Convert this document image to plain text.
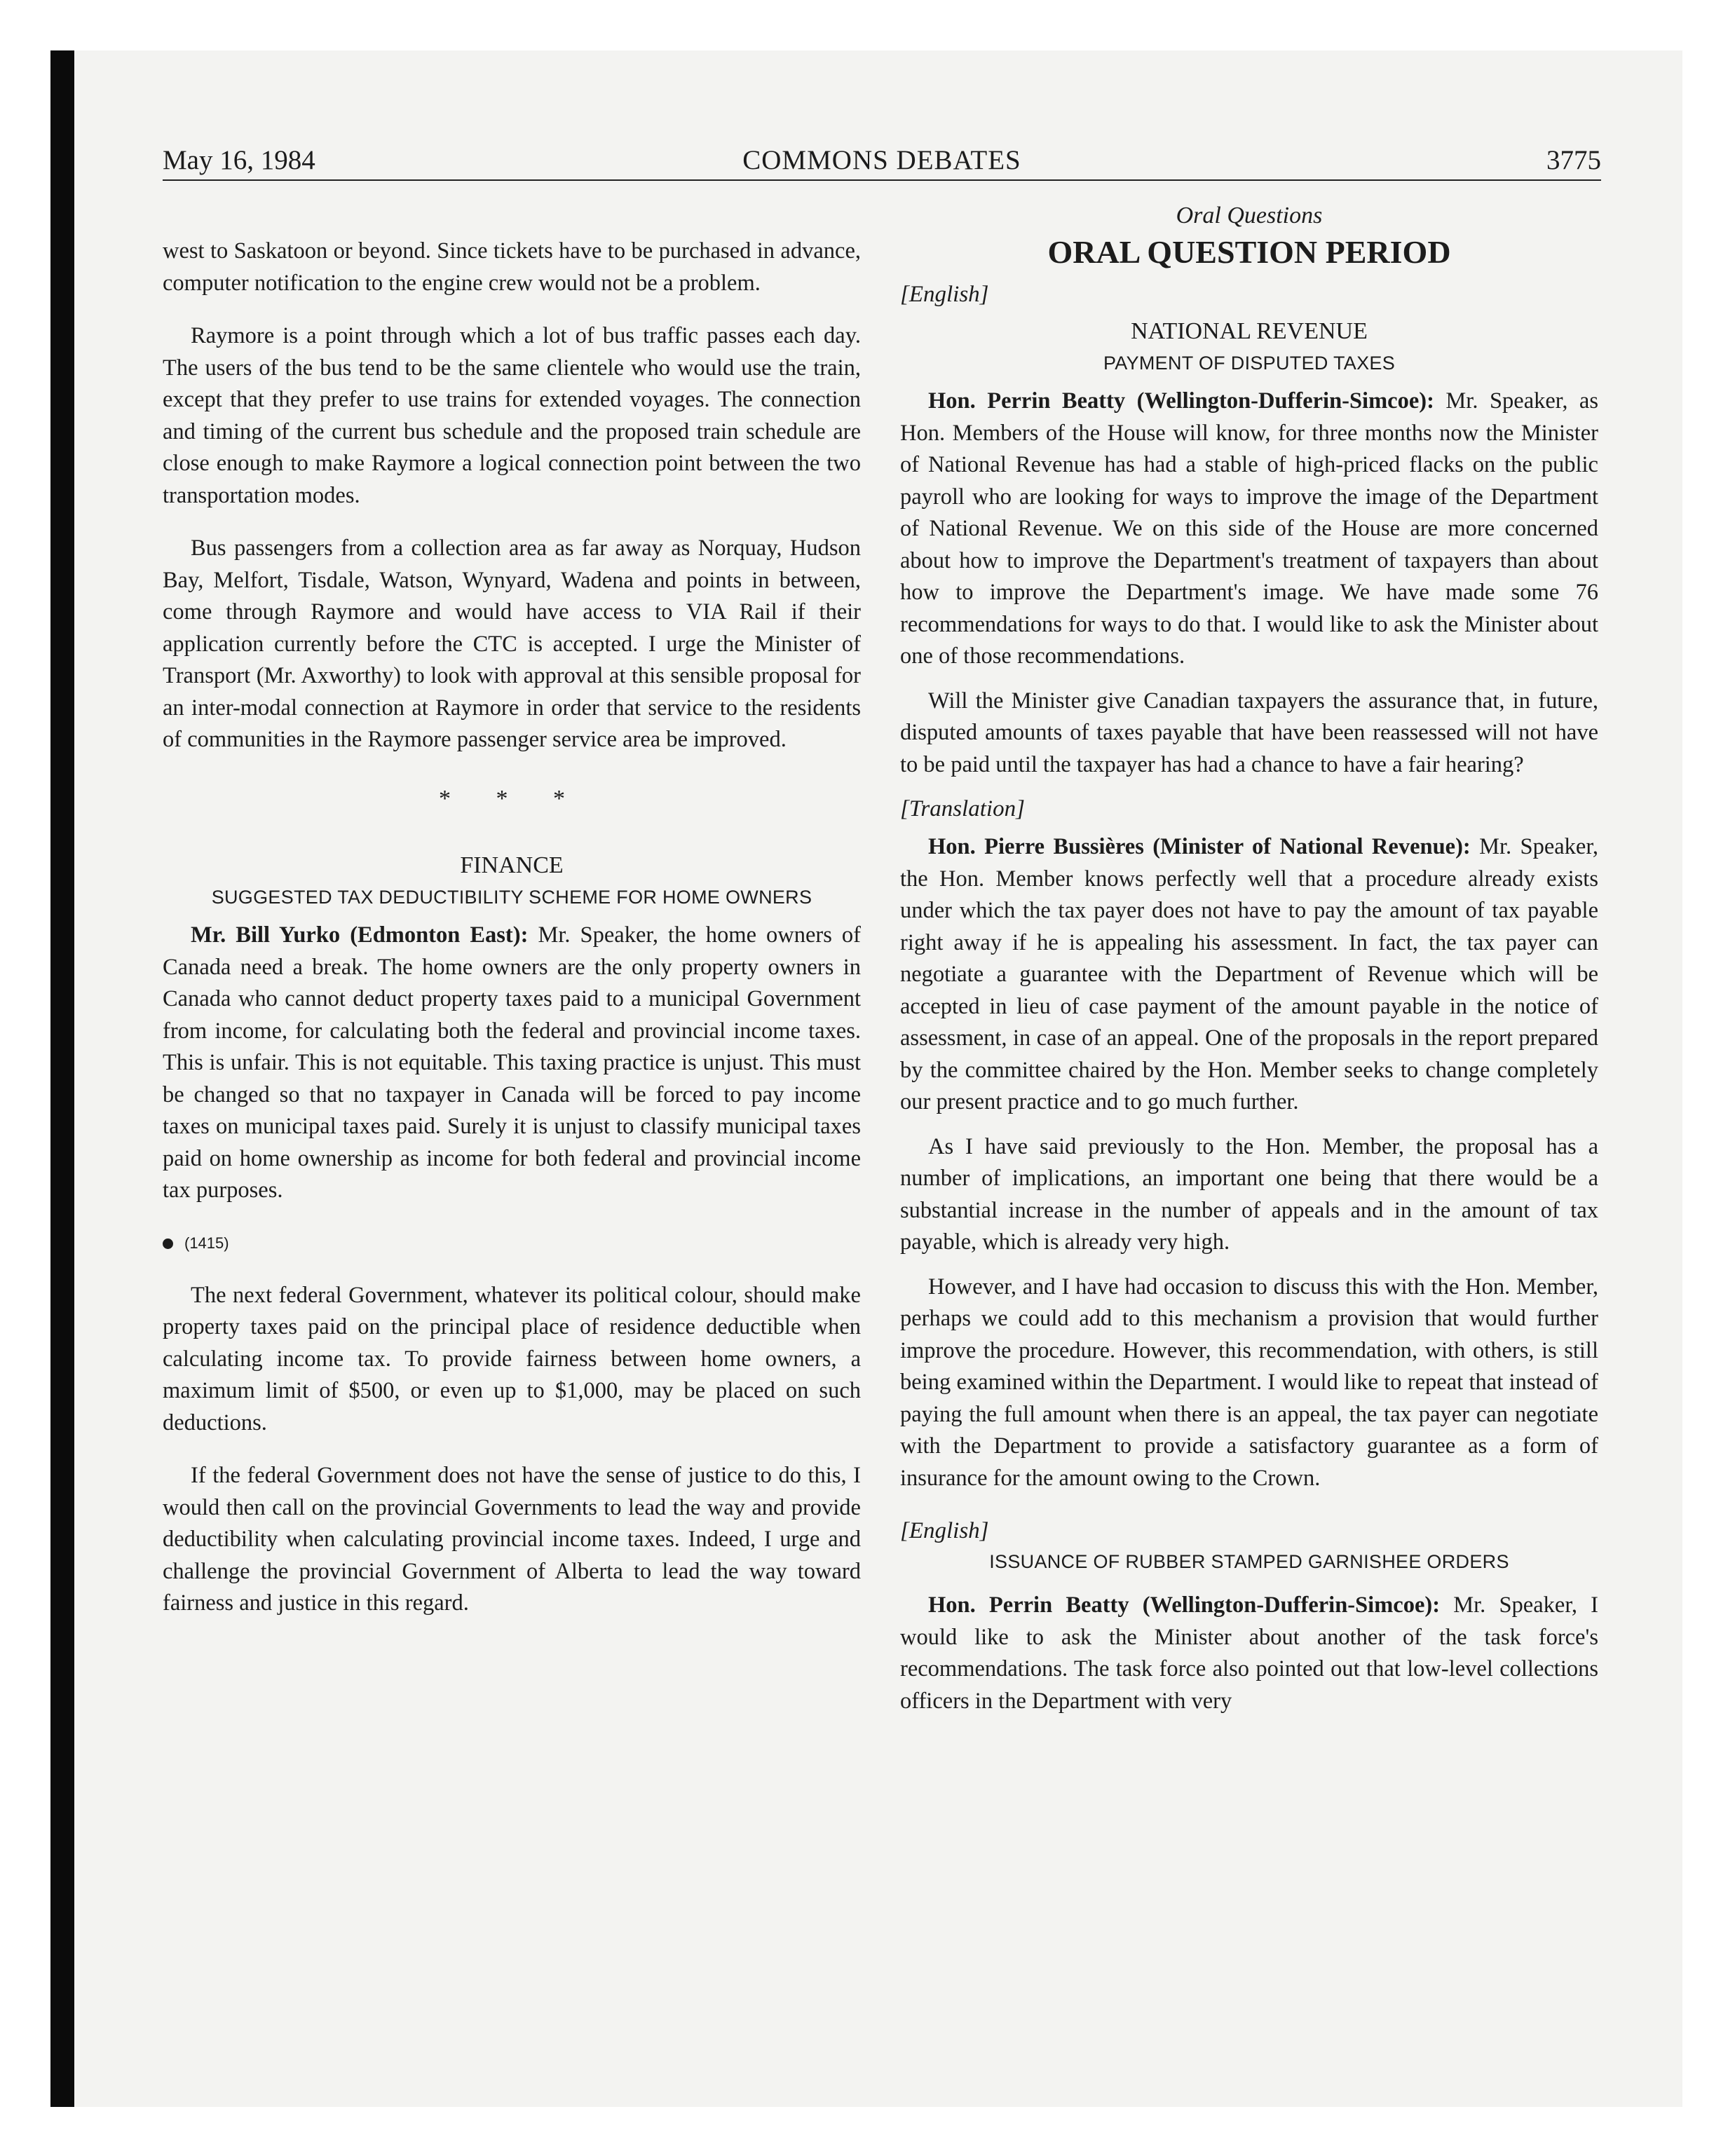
May 16, 1984	COMMONS DEBATES	3775

west to Saskatoon or beyond. Since tickets have to be purchased in advance, computer notification to the engine crew would not be a problem.

Raymore is a point through which a lot of bus traffic passes each day. The users of the bus tend to be the same clientele who would use the train, except that they prefer to use trains for extended voyages. The connection and timing of the current bus schedule and the proposed train schedule are close enough to make Raymore a logical connection point between the two transportation modes.

Bus passengers from a collection area as far away as Norquay, Hudson Bay, Melfort, Tisdale, Watson, Wynyard, Wadena and points in between, come through Raymore and would have access to VIA Rail if their application currently before the CTC is accepted. I urge the Minister of Transport (Mr. Axworthy) to look with approval at this sensible proposal for an inter-modal connection at Raymore in order that service to the residents of communities in the Raymore passenger service area be improved.

* * *
FINANCE
SUGGESTED TAX DEDUCTIBILITY SCHEME FOR HOME OWNERS

Mr. Bill Yurko (Edmonton East): Mr. Speaker, the home owners of Canada need a break. The home owners are the only property owners in Canada who cannot deduct property taxes paid to a municipal Government from income, for calculating both the federal and provincial income taxes. This is unfair. This is not equitable. This taxing practice is unjust. This must be changed so that no taxpayer in Canada will be forced to pay income taxes on municipal taxes paid. Surely it is unjust to classify municipal taxes paid on home ownership as income for both federal and provincial income tax purposes.

(1415)

The next federal Government, whatever its political colour, should make property taxes paid on the principal place of residence deductible when calculating income tax. To provide fairness between home owners, a maximum limit of $500, or even up to $1,000, may be placed on such deductions.

If the federal Government does not have the sense of justice to do this, I would then call on the provincial Governments to lead the way and provide deductibility when calculating provincial income taxes. Indeed, I urge and challenge the provincial Government of Alberta to lead the way toward fairness and justice in this regard.

Oral Questions
ORAL QUESTION PERIOD
[English]
NATIONAL REVENUE
PAYMENT OF DISPUTED TAXES

Hon. Perrin Beatty (Wellington-Dufferin-Simcoe): Mr. Speaker, as Hon. Members of the House will know, for three months now the Minister of National Revenue has had a stable of high-priced flacks on the public payroll who are looking for ways to improve the image of the Department of National Revenue. We on this side of the House are more concerned about how to improve the Department's treatment of taxpayers than about how to improve the Department's image. We have made some 76 recommendations for ways to do that. I would like to ask the Minister about one of those recommendations.

Will the Minister give Canadian taxpayers the assurance that, in future, disputed amounts of taxes payable that have been reassessed will not have to be paid until the taxpayer has had a chance to have a fair hearing?

[Translation]

Hon. Pierre Bussières (Minister of National Revenue): Mr. Speaker, the Hon. Member knows perfectly well that a procedure already exists under which the tax payer does not have to pay the amount of tax payable right away if he is appealing his assessment. In fact, the tax payer can negotiate a guarantee with the Department of Revenue which will be accepted in lieu of case payment of the amount payable in the notice of assessment, in case of an appeal. One of the proposals in the report prepared by the committee chaired by the Hon. Member seeks to change completely our present practice and to go much further.

As I have said previously to the Hon. Member, the proposal has a number of implications, an important one being that there would be a substantial increase in the number of appeals and in the amount of tax payable, which is already very high.

However, and I have had occasion to discuss this with the Hon. Member, perhaps we could add to this mechanism a provision that would further improve the procedure. However, this recommendation, with others, is still being examined within the Department. I would like to repeat that instead of paying the full amount when there is an appeal, the tax payer can negotiate with the Department to provide a satisfactory guarantee as a form of insurance for the amount owing to the Crown.

[English]
ISSUANCE OF RUBBER STAMPED GARNISHEE ORDERS

Hon. Perrin Beatty (Wellington-Dufferin-Simcoe): Mr. Speaker, I would like to ask the Minister about another of the task force's recommendations. The task force also pointed out that low-level collections officers in the Department with very
